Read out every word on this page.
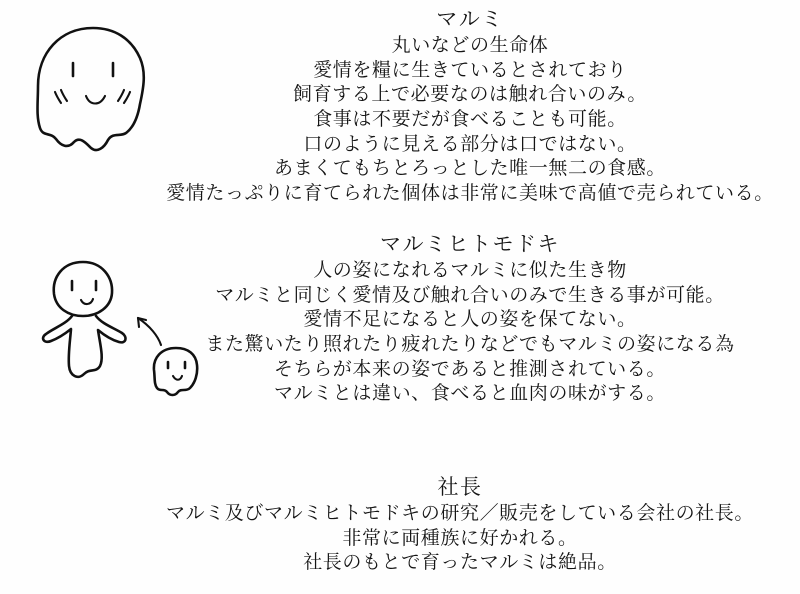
マルミ
丸いなどの生命体
愛情を糧に生きているとされており
飼育する上で必要なのは触れ合いのみ。
食事は不要だが食べることも可能。
口のように見える部分は口ではない。
あまくてもちとろっとした唯一無二の食感。
愛情たっぷりに育てられた個体は非常に美味で高値で売られている。
マルミヒトモドキ
人の姿になれるマルミに似た生き物
マルミと同じく愛情及び触れ合いのみで生きる事が可能。
愛情不足になると人の姿を保てない。
また驚いたり照れたり疲れたりなどでもマルミの姿になる為
そちらが本来の姿であると推測されている。
マルミとは違い、食べると血肉の味がする。
社長
マルミ及びマルミヒトモドキの研究／販売をしている会社の社長。
非常に両種族に好かれる。
社長のもとで育ったマルミは絶品。
